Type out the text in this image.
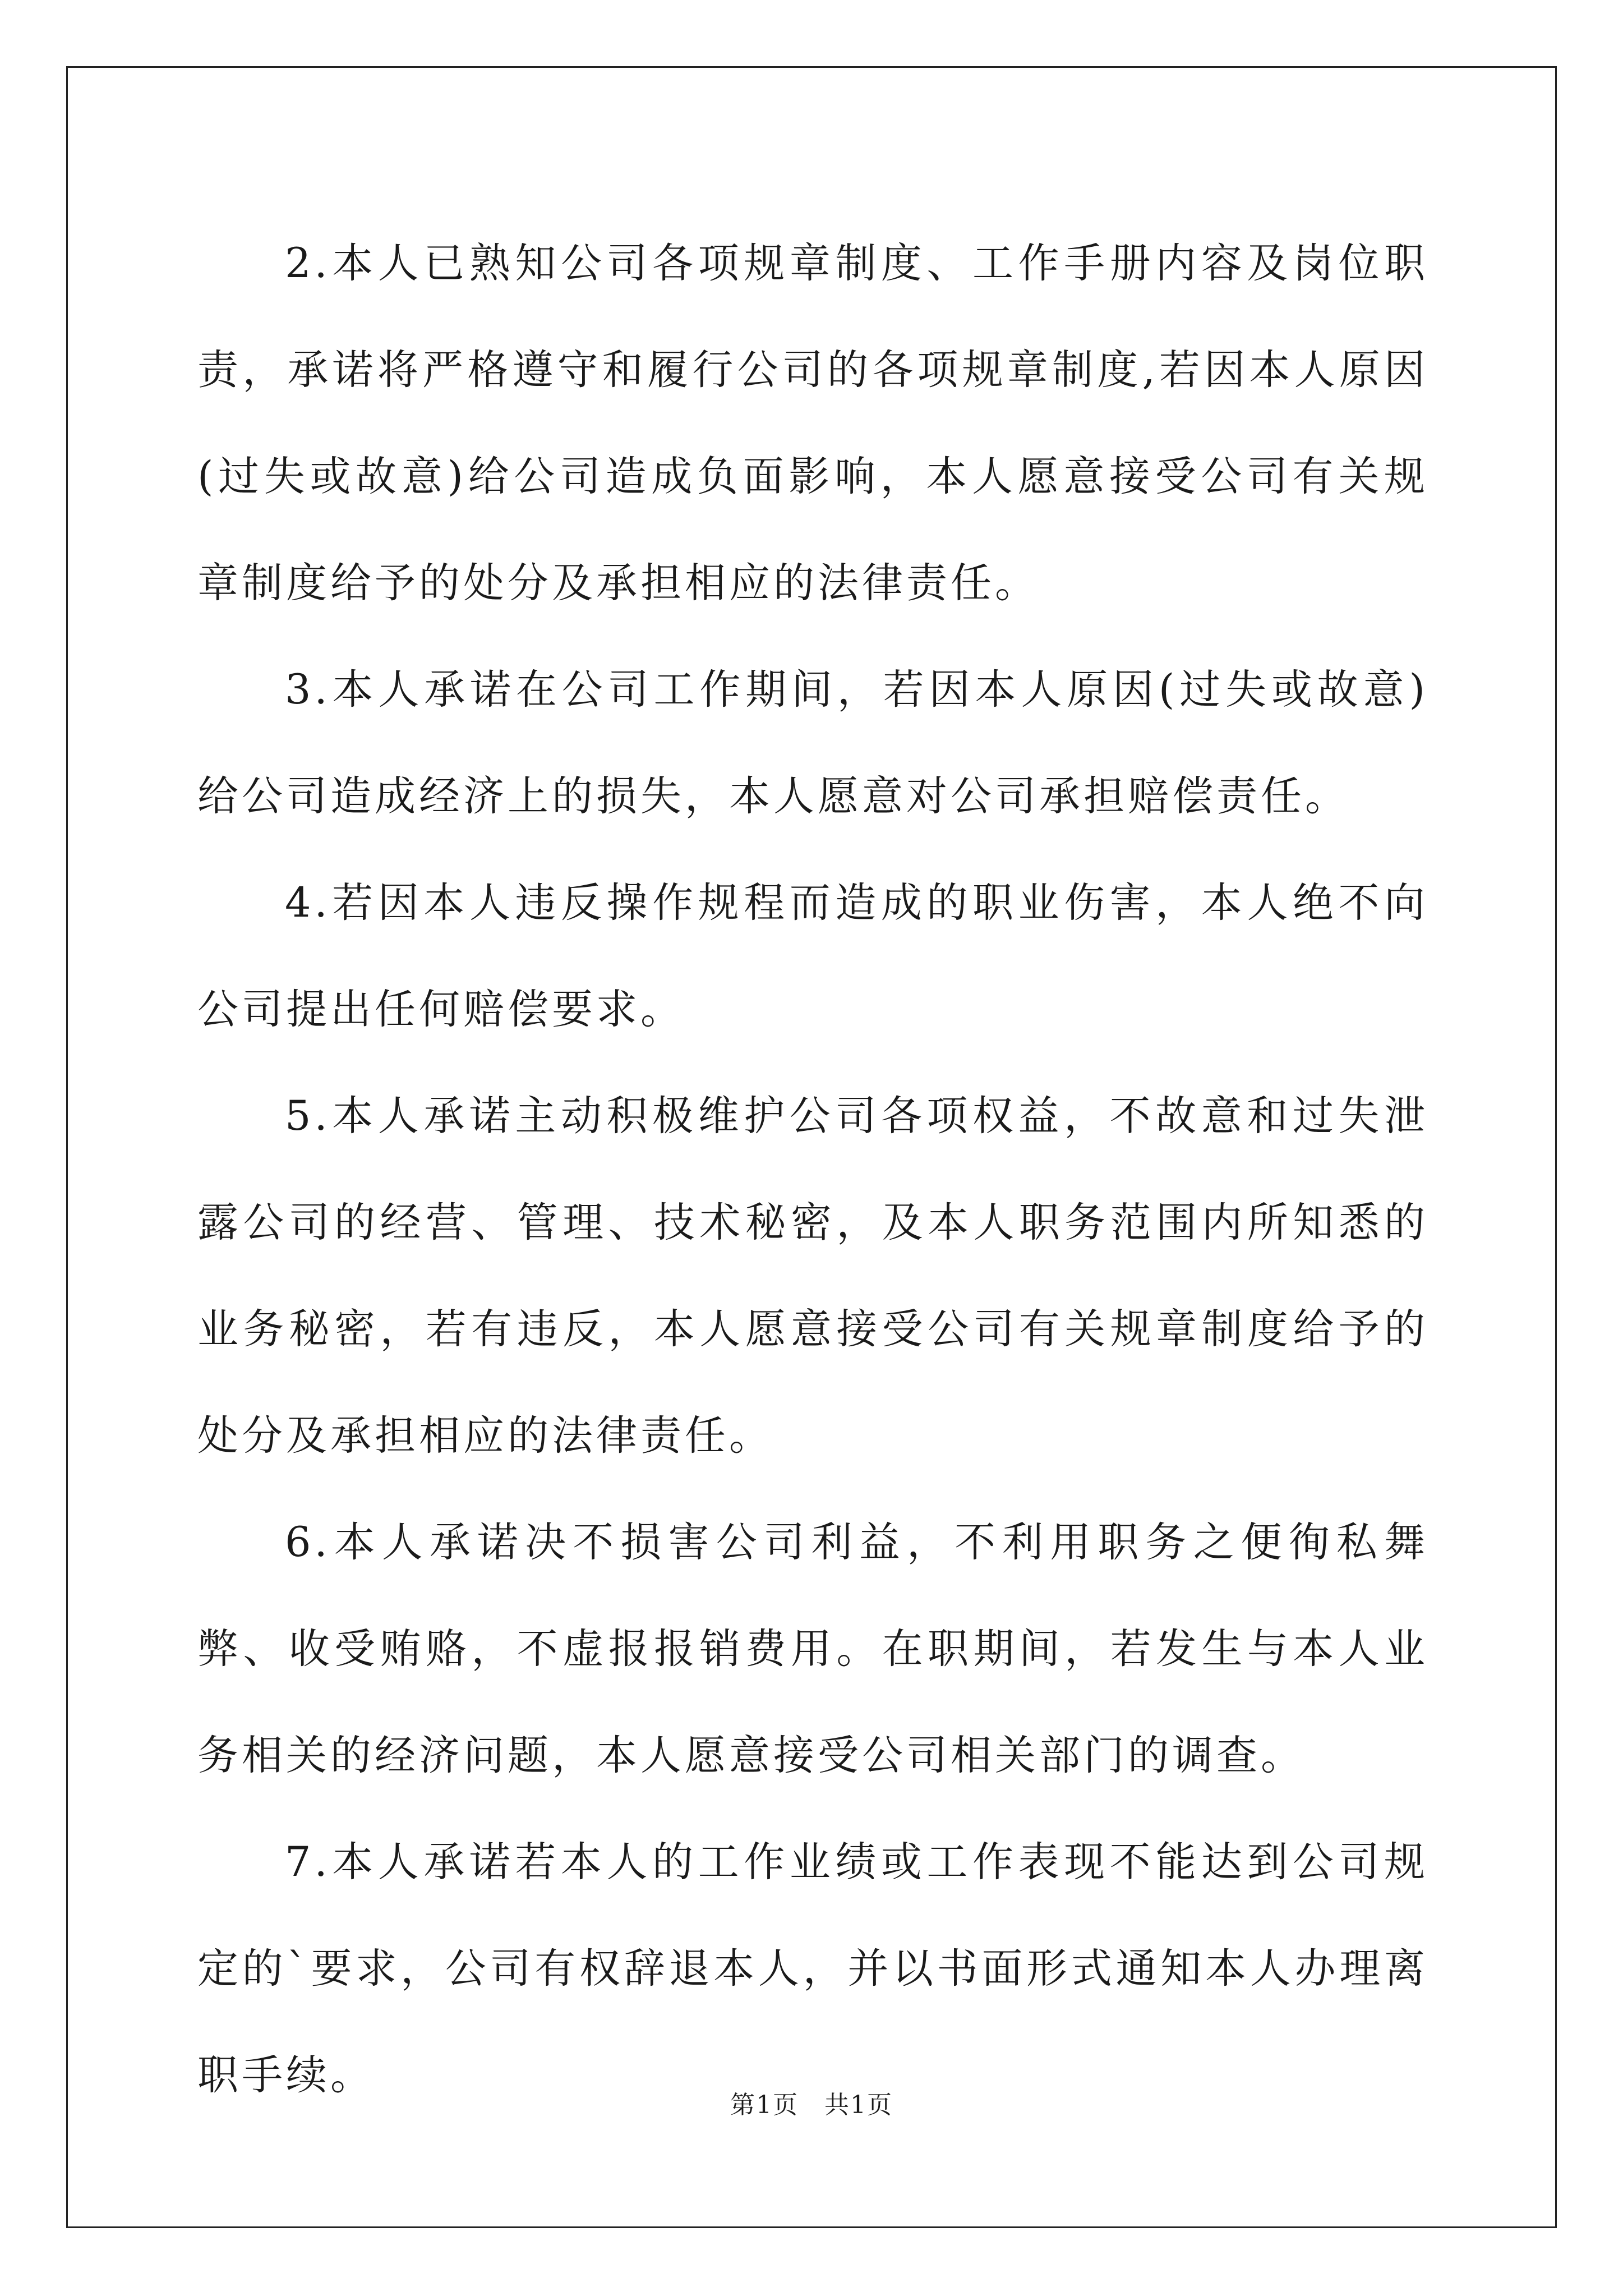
2.本人已熟知公司各项规章制度、工作手册内容及岗位职责，承诺将严格遵守和履行公司的各项规章制度,若因本人原因(过失或故意)给公司造成负面影响，本人愿意接受公司有关规章制度给予的处分及承担相应的法律责任。

3.本人承诺在公司工作期间，若因本人原因(过失或故意)给公司造成经济上的损失，本人愿意对公司承担赔偿责任。

4.若因本人违反操作规程而造成的职业伤害，本人绝不向公司提出任何赔偿要求。

5.本人承诺主动积极维护公司各项权益，不故意和过失泄露公司的经营、管理、技术秘密，及本人职务范围内所知悉的业务秘密，若有违反，本人愿意接受公司有关规章制度给予的处分及承担相应的法律责任。

6.本人承诺决不损害公司利益，不利用职务之便徇私舞弊、收受贿赂，不虚报报销费用。在职期间，若发生与本人业务相关的经济问题，本人愿意接受公司相关部门的调查。

7.本人承诺若本人的工作业绩或工作表现不能达到公司规定的`要求，公司有权辞退本人，并以书面形式通知本人办理离职手续。

第1页　共1页
